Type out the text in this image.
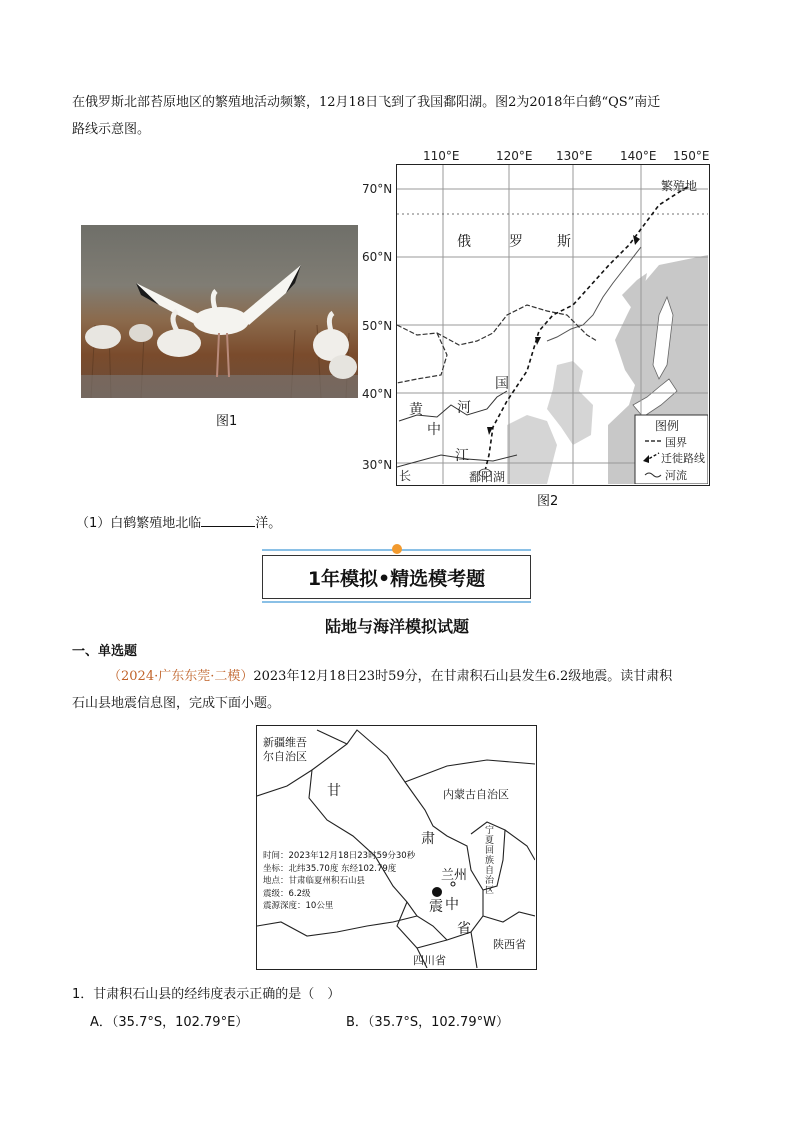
在俄罗斯北部苔原地区的繁殖地活动频繁，12月18日飞到了我国鄱阳湖。图2为2018年白鹤“QS”南迁
路线示意图。
图1
110°E	120°E 130°E 140°E 150°E
70°N
60°N
50°N
40°N
30°N
繁殖地
俄	罗 斯
国
黄 河
中
江
长	鄱阳湖
图例
国界
迁徙路线
河流
图2
（1）白鹤繁殖地北临	洋。
1年模拟•精选模考题
陆地与海洋模拟试题
一、单选题
（2024·广东东莞·二模）2023年12月18日23时59分，在甘肃积石山县发生6.2级地震。读甘肃积
石山县地震信息图，完成下面小题。
新疆维吾
尔自治区
甘	内蒙古自治区
肃	宁
夏
回
族
自
治
区
时间：2023年12月18日23时59分30秒
坐标：北纬35.70度 东经102.79度
地点：甘肃临夏州积石山县
震级：6.2级
震源深度：10公里
兰州
震 中
省
陕西省
四川省
1．甘肃积石山县的经纬度表示正确的是（　）
A．（35.7°S，102.79°E）	B．（35.7°S，102.79°W）
